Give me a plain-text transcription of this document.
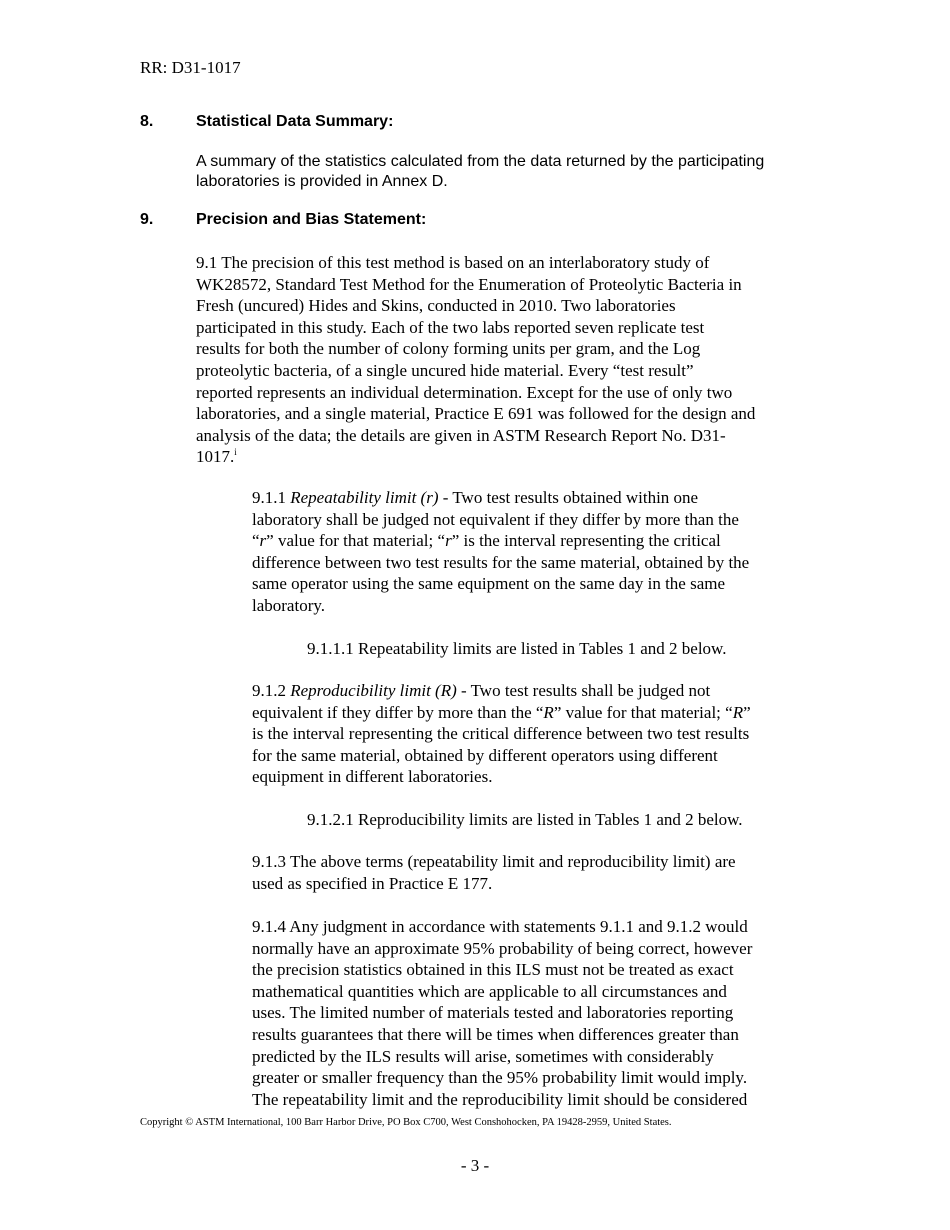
RR: D31-1017
8.	Statistical Data Summary:
A summary of the statistics calculated from the data returned by the participating
laboratories is provided in Annex D.
9.	Precision and Bias Statement:
9.1 The precision of this test method is based on an interlaboratory study of
WK28572, Standard Test Method for the Enumeration of Proteolytic Bacteria in
Fresh (uncured) Hides and Skins, conducted in 2010. Two laboratories
participated in this study. Each of the two labs reported seven replicate test
results for both the number of colony forming units per gram, and the Log
proteolytic bacteria, of a single uncured hide material. Every “test result”
reported represents an individual determination. Except for the use of only two
laboratories, and a single material, Practice E 691 was followed for the design and
analysis of the data; the details are given in ASTM Research Report No. D31-
1017.$^i$
9.1.1 Repeatability limit (r) - Two test results obtained within one
laboratory shall be judged not equivalent if they differ by more than the
“r” value for that material; “r” is the interval representing the critical
difference between two test results for the same material, obtained by the
same operator using the same equipment on the same day in the same
laboratory.
9.1.1.1 Repeatability limits are listed in Tables 1 and 2 below.
9.1.2 Reproducibility limit (R) - Two test results shall be judged not
equivalent if they differ by more than the “R” value for that material; “R”
is the interval representing the critical difference between two test results
for the same material, obtained by different operators using different
equipment in different laboratories.
9.1.2.1 Reproducibility limits are listed in Tables 1 and 2 below.
9.1.3 The above terms (repeatability limit and reproducibility limit) are
used as specified in Practice E 177.
9.1.4 Any judgment in accordance with statements 9.1.1 and 9.1.2 would
normally have an approximate 95% probability of being correct, however
the precision statistics obtained in this ILS must not be treated as exact
mathematical quantities which are applicable to all circumstances and
uses. The limited number of materials tested and laboratories reporting
results guarantees that there will be times when differences greater than
predicted by the ILS results will arise, sometimes with considerably
greater or smaller frequency than the 95% probability limit would imply.
The repeatability limit and the reproducibility limit should be considered
Copyright © ASTM International, 100 Barr Harbor Drive, PO Box C700, West Conshohocken, PA 19428-2959, United States.
- 3 -
